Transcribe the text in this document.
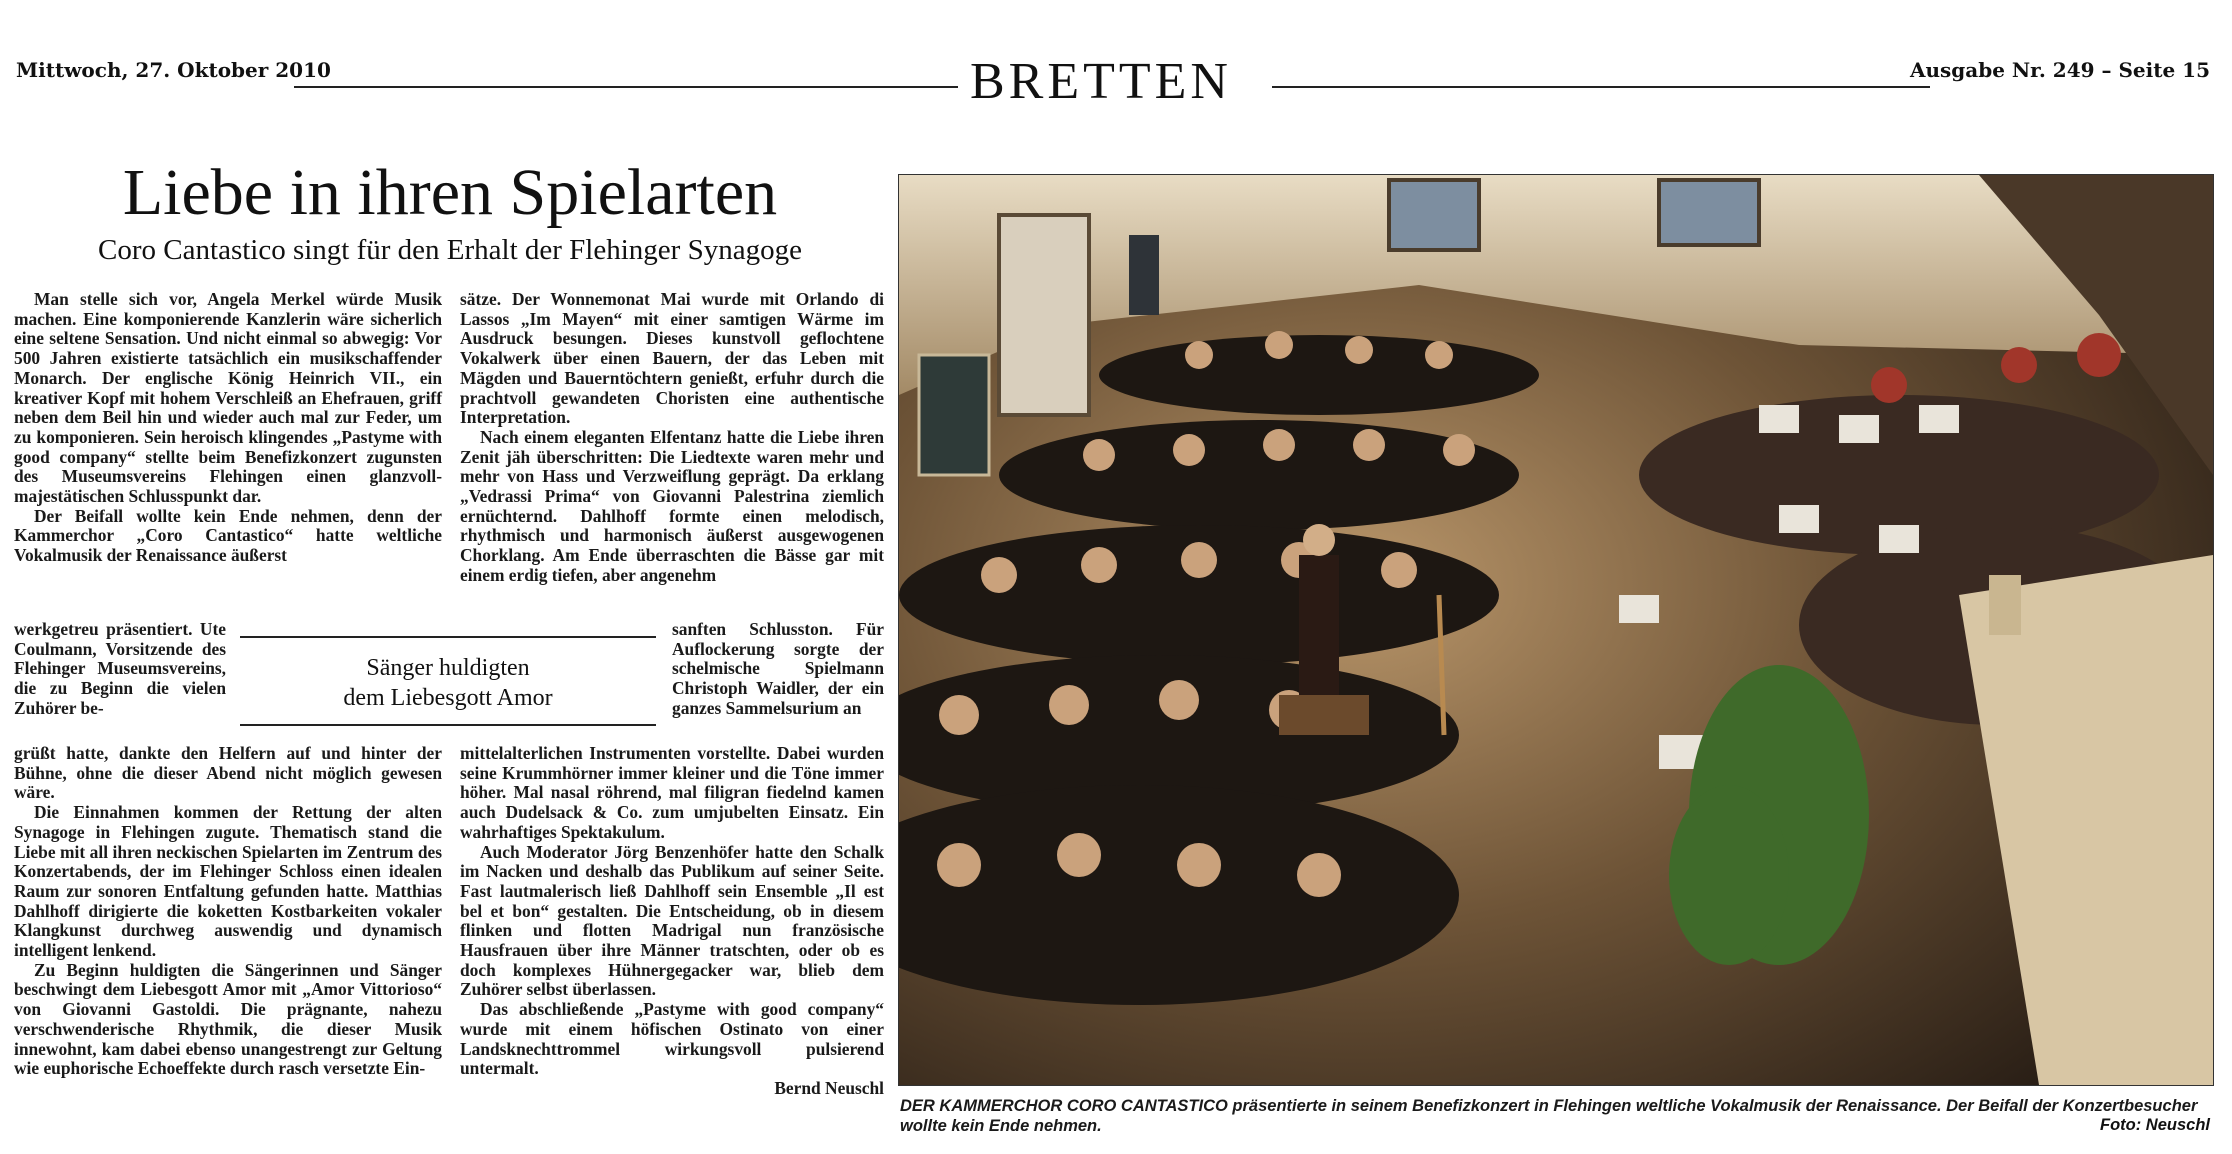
Mittwoch, 27. Oktober 2010	BRETTEN	Ausgabe Nr. 249 – Seite 15
Liebe in ihren Spielarten
Coro Cantastico singt für den Erhalt der Flehinger Synagoge

Man stelle sich vor, Angela Merkel würde Musik machen. Eine komponierende Kanzlerin wäre sicherlich eine seltene Sensation. Und nicht einmal so abwegig: Vor 500 Jahren existierte tatsächlich ein musikschaffender Monarch. Der englische König Heinrich VII., ein kreativer Kopf mit hohem Verschleiß an Ehefrauen, griff neben dem Beil hin und wieder auch mal zur Feder, um zu komponieren. Sein heroisch klingendes „Pastyme with good company“ stellte beim Benefizkonzert zugunsten des Museumsvereins Flehingen einen glanzvoll-majestätischen Schlusspunkt dar.

Der Beifall wollte kein Ende nehmen, denn der Kammerchor „Coro Cantastico“ hatte weltliche Vokalmusik der Renaissance äußerst

werkgetreu präsentiert. Ute Coulmann, Vorsitzende des Flehinger Museumsvereins, die zu Beginn die vielen Zuhörer be-

grüßt hatte, dankte den Helfern auf und hinter der Bühne, ohne die dieser Abend nicht möglich gewesen wäre.

Die Einnahmen kommen der Rettung der alten Synagoge in Flehingen zugute. Thematisch stand die Liebe mit all ihren neckischen Spielarten im Zentrum des Konzertabends, der im Flehinger Schloss einen idealen Raum zur sonoren Entfaltung gefunden hatte. Matthias Dahlhoff dirigierte die koketten Kostbarkeiten vokaler Klangkunst durchweg auswendig und dynamisch intelligent lenkend.

Zu Beginn huldigten die Sängerinnen und Sänger beschwingt dem Liebesgott Amor mit „Amor Vittorioso“ von Giovanni Gastoldi. Die prägnante, nahezu verschwenderische Rhythmik, die dieser Musik innewohnt, kam dabei ebenso unangestrengt zur Geltung wie euphorische Echoeffekte durch rasch versetzte Ein-

sätze. Der Wonnemonat Mai wurde mit Orlando di Lassos „Im Mayen“ mit einer samtigen Wärme im Ausdruck besungen. Dieses kunstvoll geflochtene Vokalwerk über einen Bauern, der das Leben mit Mägden und Bauerntöchtern genießt, erfuhr durch die prachtvoll gewandeten Choristen eine authentische Interpretation.

Nach einem eleganten Elfentanz hatte die Liebe ihren Zenit jäh überschritten: Die Liedtexte waren mehr und mehr von Hass und Verzweiflung geprägt. Da erklang „Vedrassi Prima“ von Giovanni Palestrina ziemlich ernüchternd. Dahlhoff formte einen melodisch, rhythmisch und harmonisch äußerst ausgewogenen Chorklang. Am Ende überraschten die Bässe gar mit einem erdig tiefen, aber angenehm

sanften Schlusston. Für Auflockerung sorgte der schelmische Spielmann Christoph Waidler, der ein ganzes Sammelsurium an

mittelalterlichen Instrumenten vorstellte. Dabei wurden seine Krummhörner immer kleiner und die Töne immer höher. Mal nasal röhrend, mal filigran fiedelnd kamen auch Dudelsack & Co. zum umjubelten Einsatz. Ein wahrhaftiges Spektakulum.

Auch Moderator Jörg Benzenhöfer hatte den Schalk im Nacken und deshalb das Publikum auf seiner Seite. Fast lautmalerisch ließ Dahlhoff sein Ensemble „Il est bel et bon“ gestalten. Die Entscheidung, ob in diesem flinken und flotten Madrigal nun französische Hausfrauen über ihre Männer tratschten, oder ob es doch komplexes Hühnergegacker war, blieb dem Zuhörer selbst überlassen.

Das abschließende „Pastyme with good company“ wurde mit einem höfischen Ostinato von einer Landsknechttrommel wirkungsvoll pulsierend untermalt.

Bernd Neuschl
Sänger huldigten
dem Liebesgott Amor
DER KAMMERCHOR CORO CANTASTICO präsentierte in seinem Benefizkonzert in Flehingen weltliche Vokalmusik der Renaissance. Der Beifall der Konzertbesucher wollte kein Ende nehmen.	Foto: Neuschl
